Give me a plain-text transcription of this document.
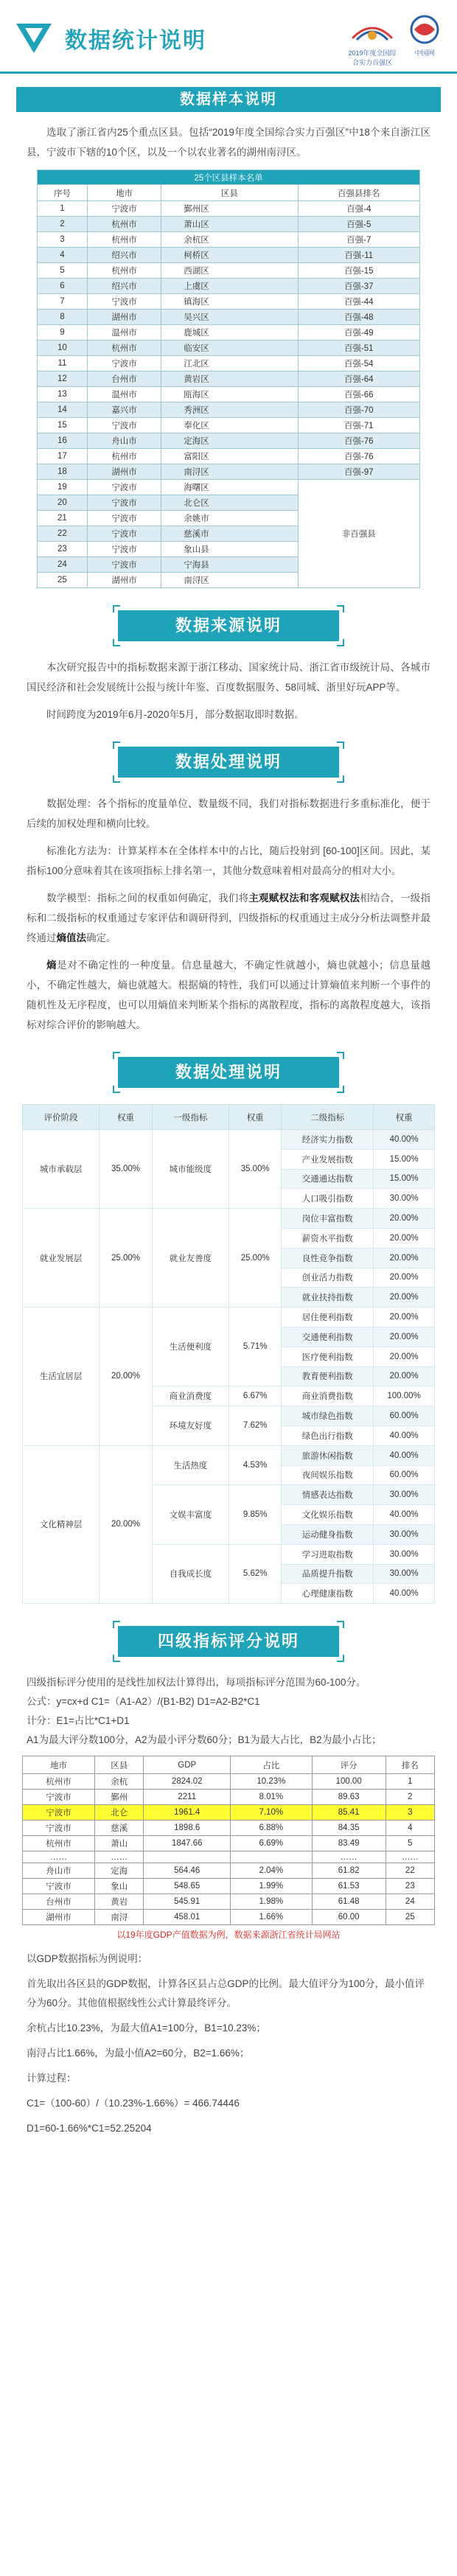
数据统计说明	2019年度全国综合实力百强区
中国网
数据样本说明

选取了浙江省内25个重点区县。包括“2019年度全国综合实力百强区”中18个来自浙江区县，宁波市下辖的10个区，以及一个以农业著名的湖州南浔区。

25个区县样本名单			
序号	地市	区县	百强县排名
1	宁波市	鄞州区	百强-4
2	杭州市	萧山区	百强-5
3	杭州市	余杭区	百强-7
4	绍兴市	柯桥区	百强-11
5	杭州市	西湖区	百强-15
6	绍兴市	上虞区	百强-37
7	宁波市	镇海区	百强-44
8	湖州市	吴兴区	百强-48
9	温州市	鹿城区	百强-49
10	杭州市	临安区	百强-51
11	宁波市	江北区	百强-54
12	台州市	黄岩区	百强-64
13	温州市	瓯海区	百强-66
14	嘉兴市	秀洲区	百强-70
15	宁波市	奉化区	百强-71
16	舟山市	定海区	百强-76
17	杭州市	富阳区	百强-76
18	湖州市	南浔区	百强-97
19	宁波市	海曙区	非百强县
20	宁波市	北仑区	
21	宁波市	余姚市	
22	宁波市	慈溪市	
23	宁波市	象山县	
24	宁波市	宁海县	
25	湖州市	南浔区	
数据来源说明

本次研究报告中的指标数据来源于浙江移动、国家统计局、浙江省市级统计局、各城市国民经济和社会发展统计公报与统计年鉴、百度数据服务、58同城、浙里好玩APP等。

时间跨度为2019年6月-2020年5月，部分数据取即时数据。

数据处理说明

数据处理：各个指标的度量单位、数量级不同，我们对指标数据进行多重标准化，便于后续的加权处理和横向比较。

标准化方法为：计算某样本在全体样本中的占比，随后投射到 [60-100]区间。因此，某指标100分意味着其在该项指标上排名第一，其他分数意味着相对最高分的相对大小。

数学模型：指标之间的权重如何确定，我们将主观赋权法和客观赋权法相结合，一级指标和二级指标的权重通过专家评估和调研得到，四级指标的权重通过主成分分析法调整并最终通过熵值法确定。

熵是对不确定性的一种度量。信息量越大，不确定性就越小，熵也就越小；信息量越小，不确定性越大，熵也就越大。根据熵的特性，我们可以通过计算熵值来判断一个事件的随机性及无序程度，也可以用熵值来判断某个指标的离散程度，指标的离散程度越大，该指标对综合评价的影响越大。

数据处理说明
评价阶段	权重	一级指标	权重	二级指标	权重
城市承载层	35.00%	城市能级度	35.00%	经济实力指数	40.00%
				产业发展指数	15.00%
				交通通达指数	15.00%
				人口吸引指数	30.00%
就业发展层	25.00%	就业友善度	25.00%	岗位丰富指数	20.00%
				薪资水平指数	20.00%
				良性竞争指数	20.00%
				创业活力指数	20.00%
				就业扶持指数	20.00%
生活宜居层	20.00%	生活便利度	5.71%	居住便利指数	20.00%
				交通便利指数	20.00%
				医疗便利指数	20.00%
				教育便利指数	20.00%
		商业消费度	6.67%	商业消费指数	100.00%
		环境友好度	7.62%	城市绿色指数	60.00%
				绿色出行指数	40.00%
文化精神层	20.00%	生活热度	4.53%	旅游休闲指数	40.00%
				夜间娱乐指数	60.00%
		文娱丰富度	9.85%	情感表达指数	30.00%
				文化娱乐指数	40.00%
				运动健身指数	30.00%
		自我成长度	5.62%	学习进取指数	30.00%
				品质提升指数	30.00%
				心理健康指数	40.00%
四级指标评分说明
四级指标评分使用的是线性加权法计算得出，每项指标评分范围为60-100分。
公式：y=cx+d C1=（A1-A2）/(B1-B2) D1=A2-B2*C1
计分：E1=占比*C1+D1
A1为最大评分数100分，A2为最小评分数60分；B1为最大占比，B2为最小占比；
地市	区县	GDP	占比	评分	排名
杭州市	余杭	2824.02	10.23%	100.00	1
宁波市	鄞州	2211	8.01%	89.63	2
宁波市	北仑	1961.4	7.10%	85.41	3
宁波市	慈溪	1898.6	6.88%	84.35	4
杭州市	萧山	1847.66	6.69%	83.49	5
……	……			……	……
舟山市	定海	564.46	2.04%	61.82	22
宁波市	象山	548.65	1.99%	61.53	23
台州市	黄岩	545.91	1.98%	61.48	24
湖州市	南浔	458.01	1.66%	60.00	25
以19年度GDP产值数据为例，数据来源浙江省统计局网站
以GDP数据指标为例说明：
首先取出各区县的GDP数据，计算各区县占总GDP的比例。最大值评分为100分，最小值评分为60分。其他值根据线性公式计算最终评分。
余杭占比10.23%，为最大值A1=100分，B1=10.23%；
南浔占比1.66%，为最小值A2=60分，B2=1.66%；
计算过程：
C1=（100-60）/（10.23%-1.66%）= 466.74446
D1=60-1.66%*C1=52.25204
